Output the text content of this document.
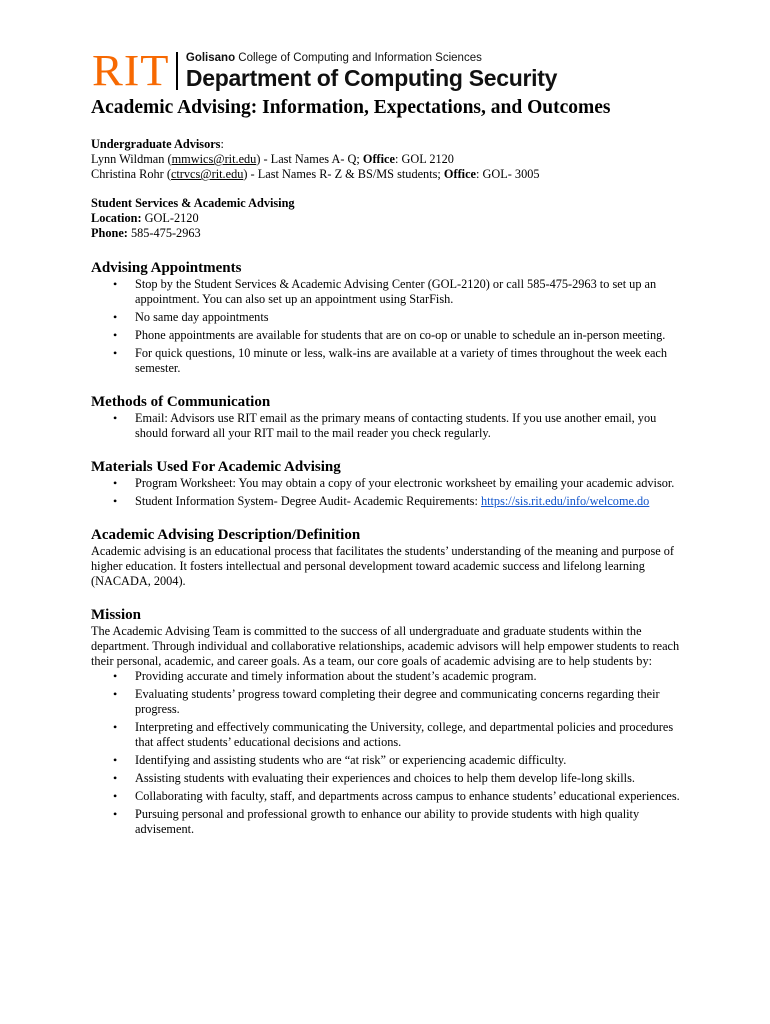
RIT Golisano College of Computing and Information Sciences
Department of Computing Security
Academic Advising: Information, Expectations, and Outcomes

Undergraduate Advisors:

Lynn Wildman (mmwics@rit.edu) - Last Names A- Q; Office: GOL 2120

Christina Rohr (ctrvcs@rit.edu) - Last Names R- Z & BS/MS students; Office: GOL- 3005

Student Services & Academic Advising

Location: GOL-2120

Phone: 585-475-2963

Advising Appointments

• Stop by the Student Services & Academic Advising Center (GOL-2120) or call 585-475-2963 to set up an appointment. You can also set up an appointment using StarFish.
• No same day appointments
• Phone appointments are available for students that are on co-op or unable to schedule an in-person meeting.
• For quick questions, 10 minute or less, walk-ins are available at a variety of times throughout the week each semester.

Methods of Communication

• Email: Advisors use RIT email as the primary means of contacting students. If you use another email, you should forward all your RIT mail to the mail reader you check regularly.

Materials Used For Academic Advising

• Program Worksheet: You may obtain a copy of your electronic worksheet by emailing your academic advisor.
• Student Information System- Degree Audit- Academic Requirements: https://sis.rit.edu/info/welcome.do

Academic Advising Description/Definition

Academic advising is an educational process that facilitates the students’ understanding of the meaning and purpose of higher education. It fosters intellectual and personal development toward academic success and lifelong learning (NACADA, 2004).

Mission

The Academic Advising Team is committed to the success of all undergraduate and graduate students within the department. Through individual and collaborative relationships, academic advisors will help empower students to reach their personal, academic, and career goals. As a team, our core goals of academic advising are to help students by:

• Providing accurate and timely information about the student’s academic program.
• Evaluating students’ progress toward completing their degree and communicating concerns regarding their progress.
• Interpreting and effectively communicating the University, college, and departmental policies and procedures that affect students’ educational decisions and actions.
• Identifying and assisting students who are “at risk” or experiencing academic difficulty.
• Assisting students with evaluating their experiences and choices to help them develop life-long skills.
• Collaborating with faculty, staff, and departments across campus to enhance students’ educational experiences.
• Pursuing personal and professional growth to enhance our ability to provide students with high quality advisement.
